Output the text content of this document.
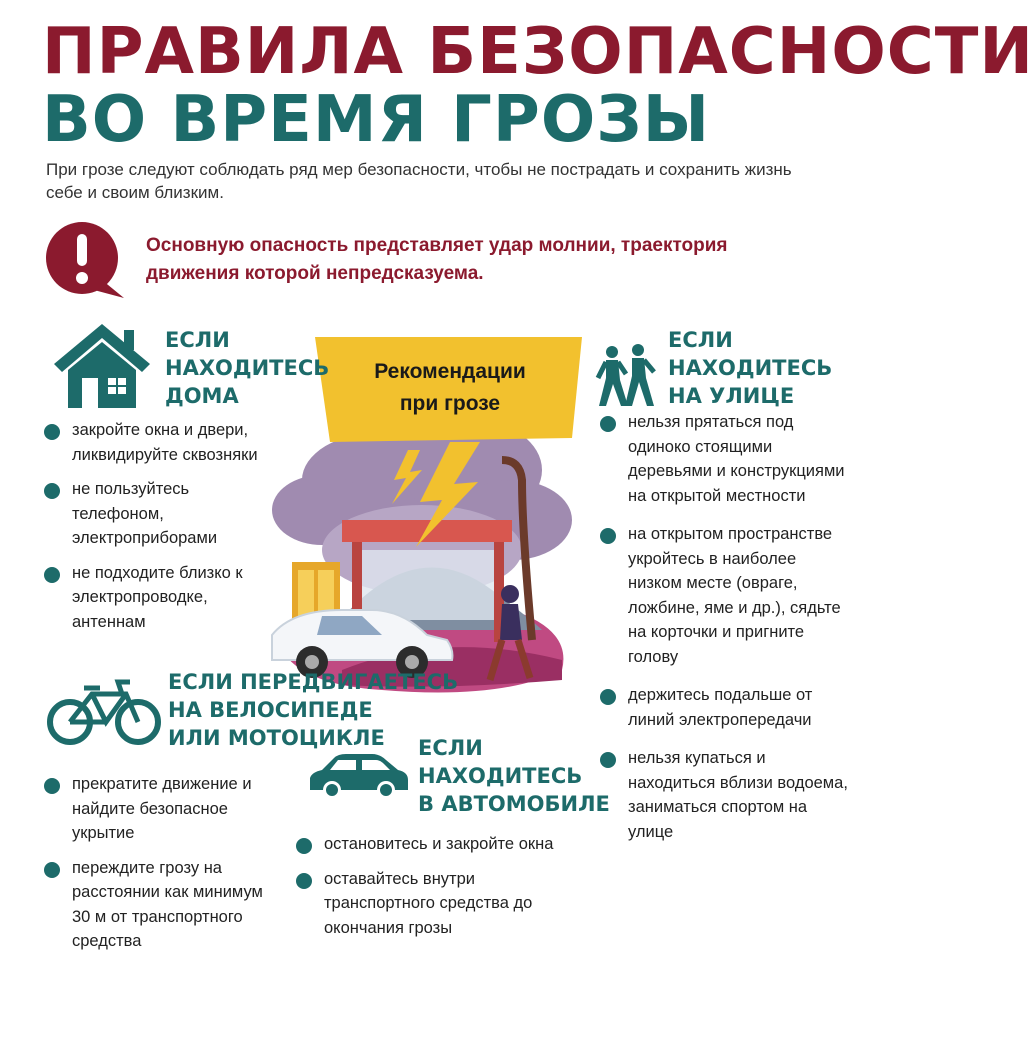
ПРАВИЛА БЕЗОПАСНОСТИ
ВО ВРЕМЯ ГРОЗЫ
При грозе следуют соблюдать ряд мер безопасности, чтобы не пострадать и сохранить жизнь себе и своим близким.
Основную опасность представляет удар молнии, траектория движения которой непредсказуема.
Рекомендации
при грозе
ЕСЛИ
НАХОДИТЕСЬ
ДОМА
закройте окна и двери, ликвидируйте сквозняки
не пользуйтесь телефоном, электроприборами
не подходите близко к электропроводке, антеннам
ЕСЛИ
НАХОДИТЕСЬ
НА УЛИЦЕ
нельзя прятаться под одиноко стоящими деревьями и конструкциями на открытой местности
на открытом пространстве укройтесь в наиболее низком месте (овраге, ложбине, яме и др.), сядьте на корточки и пригните голову
держитесь подальше от линий электропередачи
нельзя купаться и находиться вблизи водоема, заниматься спортом на улице
ЕСЛИ ПЕРЕДВИГАЕТЕСЬ
НА ВЕЛОСИПЕДЕ
ИЛИ МОТОЦИКЛЕ
прекратите движение и найдите безопасное укрытие
переждите грозу на расстоянии как минимум 30 м от транспортного средства
ЕСЛИ
НАХОДИТЕСЬ
В АВТОМОБИЛЕ
остановитесь и закройте окна
оставайтесь внутри транспортного средства до окончания грозы
